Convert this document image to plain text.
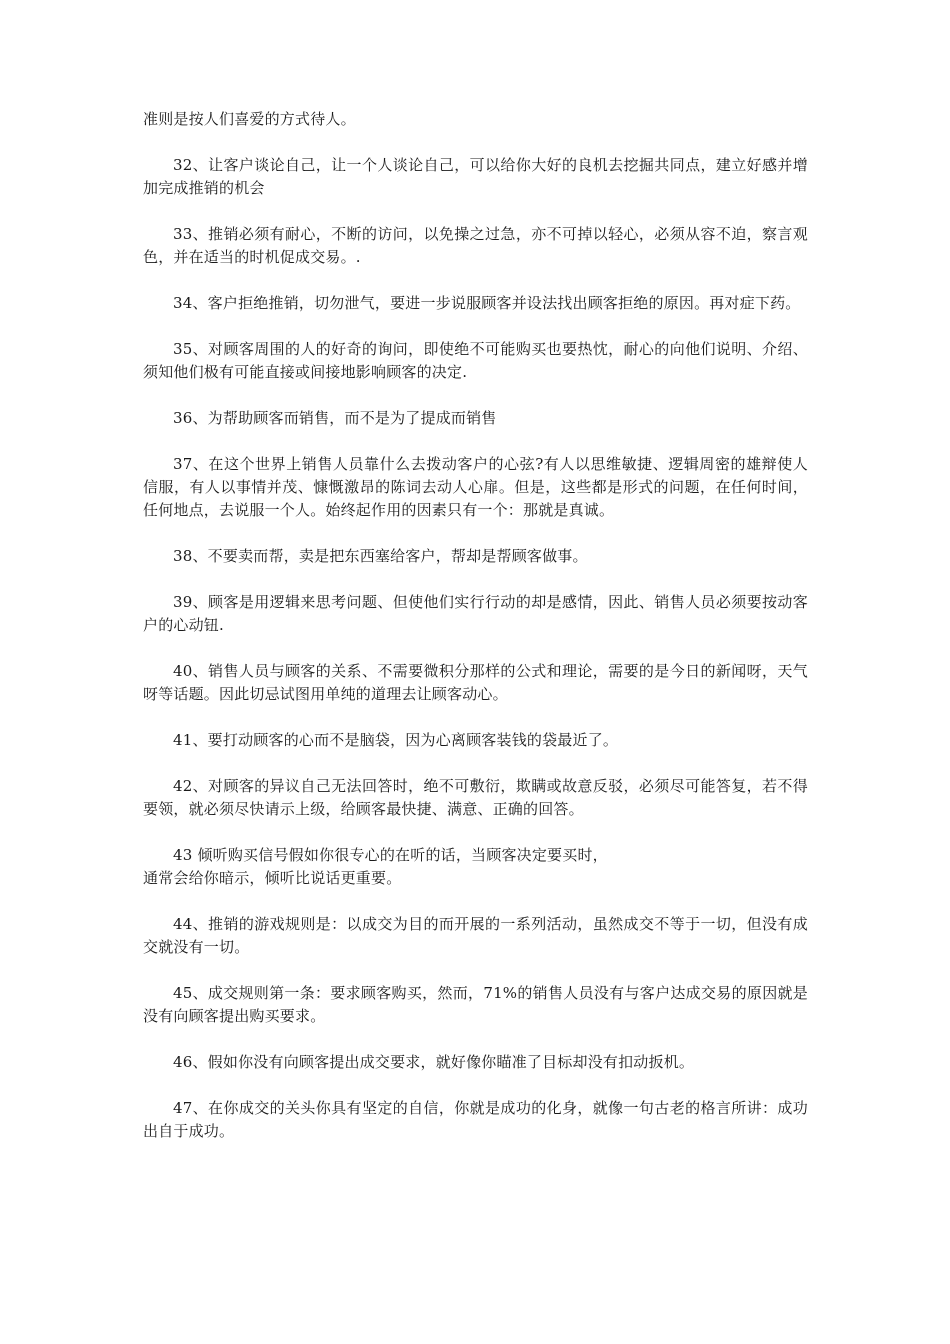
准则是按人们喜爱的方式待人。

32、让客户谈论自己，让一个人谈论自己，可以给你大好的良机去挖掘共同点，建立好感并增加完成推销的机会

33、推销必须有耐心，不断的访问，以免操之过急，亦不可掉以轻心，必须从容不迫，察言观色，并在适当的时机促成交易。.

34、客户拒绝推销，切勿泄气，要进一步说服顾客并设法找出顾客拒绝的原因。再对症下药。

35、对顾客周围的人的好奇的询问，即使绝不可能购买也要热忱，耐心的向他们说明、介绍、须知他们极有可能直接或间接地影响顾客的决定.

36、为帮助顾客而销售，而不是为了提成而销售

37、在这个世界上销售人员靠什么去拨动客户的心弦?有人以思维敏捷、逻辑周密的雄辩使人信服，有人以事情并茂、慷慨激昂的陈词去动人心扉。但是，这些都是形式的问题，在任何时间，任何地点，去说服一个人。始终起作用的因素只有一个：那就是真诚。

38、不要卖而帮，卖是把东西塞给客户，帮却是帮顾客做事。

39、顾客是用逻辑来思考问题、但使他们实行行动的却是感情，因此、销售人员必须要按动客户的心动钮.

40、销售人员与顾客的关系、不需要微积分那样的公式和理论，需要的是今日的新闻呀，天气呀等话题。因此切忌试图用单纯的道理去让顾客动心。

41、要打动顾客的心而不是脑袋，因为心离顾客装钱的袋最近了。

42、对顾客的异议自己无法回答时，绝不可敷衍，欺瞒或故意反驳，必须尽可能答复，若不得要领，就必须尽快请示上级，给顾客最快捷、满意、正确的回答。

43 倾听购买信号假如你很专心的在听的话，当顾客决定要买时，
通常会给你暗示，倾听比说话更重要。

44、推销的游戏规则是：以成交为目的而开展的一系列活动，虽然成交不等于一切，但没有成交就没有一切。

45、成交规则第一条：要求顾客购买，然而，71%的销售人员没有与客户达成交易的原因就是没有向顾客提出购买要求。

46、假如你没有向顾客提出成交要求，就好像你瞄准了目标却没有扣动扳机。

47、在你成交的关头你具有坚定的自信，你就是成功的化身，就像一句古老的格言所讲：成功出自于成功。
